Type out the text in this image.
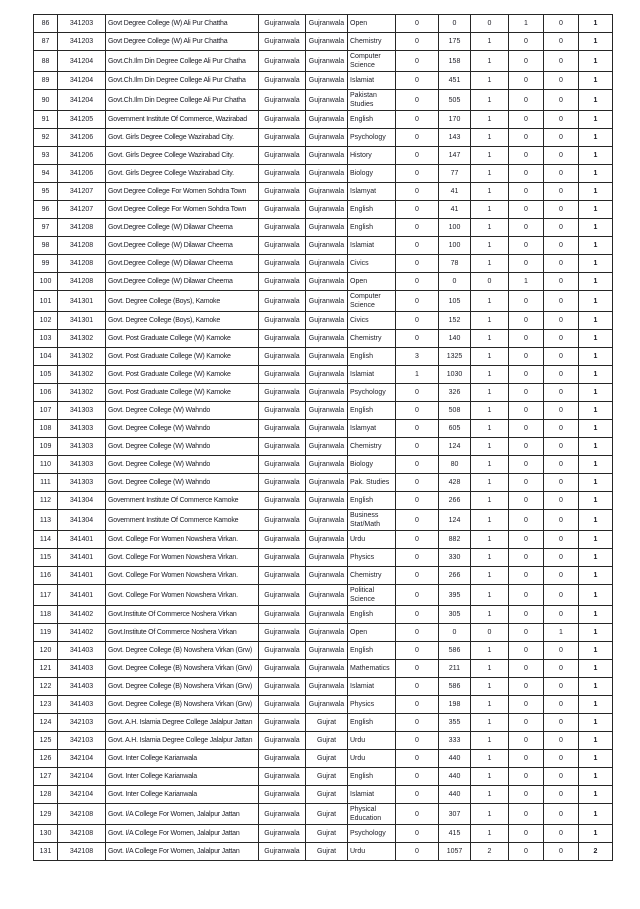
86	341203	Govt Degree College (W) Ali Pur Chattha	Gujranwala	Gujranwala	Open	0	0	0	1	0	1
87	341203	Govt Degree College (W) Ali Pur Chattha	Gujranwala	Gujranwala	Chemistry	0	175	1	0	0	1
88	341204	Govt.Ch.Ilm Din Degree College Ali Pur Chatha	Gujranwala	Gujranwala	Computer Science	0	158	1	0	0	1
89	341204	Govt.Ch.Ilm Din Degree College Ali Pur Chatha	Gujranwala	Gujranwala	Islamiat	0	451	1	0	0	1
90	341204	Govt.Ch.Ilm Din Degree College Ali Pur Chatha	Gujranwala	Gujranwala	Pakistan Studies	0	505	1	0	0	1
91	341205	Government Institute Of Commerce, Wazirabad	Gujranwala	Gujranwala	English	0	170	1	0	0	1
92	341206	Govt. Girls Degree College Wazirabad City.	Gujranwala	Gujranwala	Psychology	0	143	1	0	0	1
93	341206	Govt. Girls Degree College Wazirabad City.	Gujranwala	Gujranwala	History	0	147	1	0	0	1
94	341206	Govt. Girls Degree College Wazirabad City.	Gujranwala	Gujranwala	Biology	0	77	1	0	0	1
95	341207	Govt Degree College For Women Sohdra Town	Gujranwala	Gujranwala	Islamyat	0	41	1	0	0	1
96	341207	Govt Degree College For Women Sohdra Town	Gujranwala	Gujranwala	English	0	41	1	0	0	1
97	341208	Govt.Degree College (W) Dilawar Cheema	Gujranwala	Gujranwala	English	0	100	1	0	0	1
98	341208	Govt.Degree College (W) Dilawar Cheema	Gujranwala	Gujranwala	Islamiat	0	100	1	0	0	1
99	341208	Govt.Degree College (W) Dilawar Cheema	Gujranwala	Gujranwala	Civics	0	78	1	0	0	1
100	341208	Govt.Degree College (W) Dilawar Cheema	Gujranwala	Gujranwala	Open	0	0	0	1	0	1
101	341301	Govt. Degree College (Boys), Kamoke	Gujranwala	Gujranwala	Computer Science	0	105	1	0	0	1
102	341301	Govt. Degree College (Boys), Kamoke	Gujranwala	Gujranwala	Civics	0	152	1	0	0	1
103	341302	Govt. Post Graduate College (W) Kamoke	Gujranwala	Gujranwala	Chemistry	0	140	1	0	0	1
104	341302	Govt. Post Graduate College (W) Kamoke	Gujranwala	Gujranwala	English	3	1325	1	0	0	1
105	341302	Govt. Post Graduate College (W) Kamoke	Gujranwala	Gujranwala	Islamiat	1	1030	1	0	0	1
106	341302	Govt. Post Graduate College (W) Kamoke	Gujranwala	Gujranwala	Psychology	0	326	1	0	0	1
107	341303	Govt. Degree College (W) Wahndo	Gujranwala	Gujranwala	English	0	508	1	0	0	1
108	341303	Govt. Degree College (W) Wahndo	Gujranwala	Gujranwala	Islamyat	0	605	1	0	0	1
109	341303	Govt. Degree College (W) Wahndo	Gujranwala	Gujranwala	Chemistry	0	124	1	0	0	1
110	341303	Govt. Degree College (W) Wahndo	Gujranwala	Gujranwala	Biology	0	80	1	0	0	1
111	341303	Govt. Degree College (W) Wahndo	Gujranwala	Gujranwala	Pak. Studies	0	428	1	0	0	1
112	341304	Government Institute Of Commerce Kamoke	Gujranwala	Gujranwala	English	0	266	1	0	0	1
113	341304	Government Institute Of Commerce Kamoke	Gujranwala	Gujranwala	Business Stat/Math	0	124	1	0	0	1
114	341401	Govt. College For Women Nowshera Virkan.	Gujranwala	Gujranwala	Urdu	0	882	1	0	0	1
115	341401	Govt. College For Women Nowshera Virkan.	Gujranwala	Gujranwala	Physics	0	330	1	0	0	1
116	341401	Govt. College For Women Nowshera Virkan.	Gujranwala	Gujranwala	Chemistry	0	266	1	0	0	1
117	341401	Govt. College For Women Nowshera Virkan.	Gujranwala	Gujranwala	Political Science	0	395	1	0	0	1
118	341402	Govt.Institute Of Commerce Noshera Virkan	Gujranwala	Gujranwala	English	0	305	1	0	0	1
119	341402	Govt.Institute Of Commerce Noshera Virkan	Gujranwala	Gujranwala	Open	0	0	0	0	1	1
120	341403	Govt. Degree College (B) Nowshera Virkan (Grw)	Gujranwala	Gujranwala	English	0	586	1	0	0	1
121	341403	Govt. Degree College (B) Nowshera Virkan (Grw)	Gujranwala	Gujranwala	Mathematics	0	211	1	0	0	1
122	341403	Govt. Degree College (B) Nowshera Virkan (Grw)	Gujranwala	Gujranwala	Islamiat	0	586	1	0	0	1
123	341403	Govt. Degree College (B) Nowshera Virkan (Grw)	Gujranwala	Gujranwala	Physics	0	198	1	0	0	1
124	342103	Govt. A.H. Islamia Degree College Jalalpur Jattan	Gujranwala	Gujrat	English	0	355	1	0	0	1
125	342103	Govt. A.H. Islamia Degree College Jalalpur Jattan	Gujranwala	Gujrat	Urdu	0	333	1	0	0	1
126	342104	Govt. Inter College Karianwala	Gujranwala	Gujrat	Urdu	0	440	1	0	0	1
127	342104	Govt. Inter College Karianwala	Gujranwala	Gujrat	English	0	440	1	0	0	1
128	342104	Govt. Inter College Karianwala	Gujranwala	Gujrat	Islamiat	0	440	1	0	0	1
129	342108	Govt. I/A College For Women, Jalalpur Jattan	Gujranwala	Gujrat	Physical Education	0	307	1	0	0	1
130	342108	Govt. I/A College For Women, Jalalpur Jattan	Gujranwala	Gujrat	Psychology	0	415	1	0	0	1
131	342108	Govt. I/A College For Women, Jalalpur Jattan	Gujranwala	Gujrat	Urdu	0	1057	2	0	0	2
